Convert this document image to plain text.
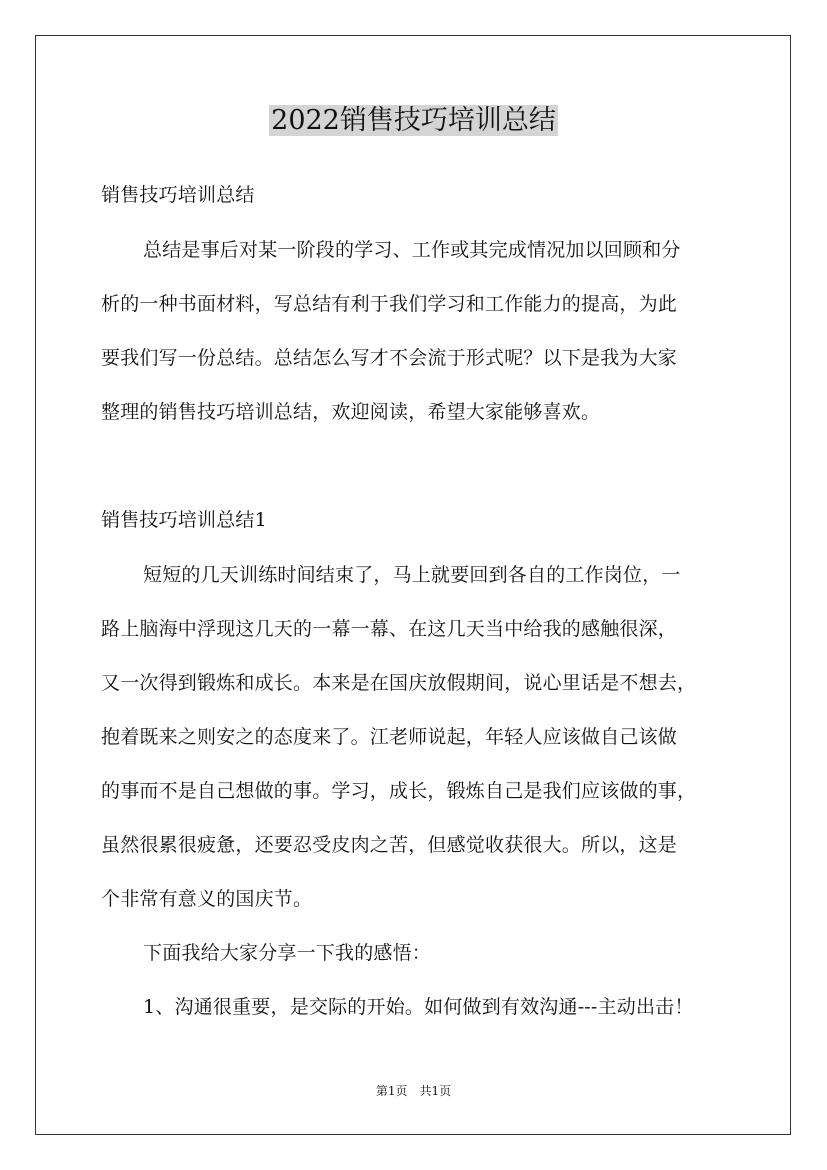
2022销售技巧培训总结
销售技巧培训总结
总结是事后对某一阶段的学习、工作或其完成情况加以回顾和分
析的一种书面材料，写总结有利于我们学习和工作能力的提高，为此
要我们写一份总结。总结怎么写才不会流于形式呢？以下是我为大家
整理的销售技巧培训总结，欢迎阅读，希望大家能够喜欢。
销售技巧培训总结1
短短的几天训练时间结束了，马上就要回到各自的工作岗位，一
路上脑海中浮现这几天的一幕一幕、在这几天当中给我的感触很深，
又一次得到锻炼和成长。本来是在国庆放假期间，说心里话是不想去，
抱着既来之则安之的态度来了。江老师说起，年轻人应该做自己该做
的事而不是自己想做的事。学习，成长，锻炼自己是我们应该做的事，
虽然很累很疲惫，还要忍受皮肉之苦，但感觉收获很大。所以，这是
个非常有意义的国庆节。
下面我给大家分享一下我的感悟：
1、沟通很重要，是交际的开始。如何做到有效沟通---主动出击！
第1页　共1页
